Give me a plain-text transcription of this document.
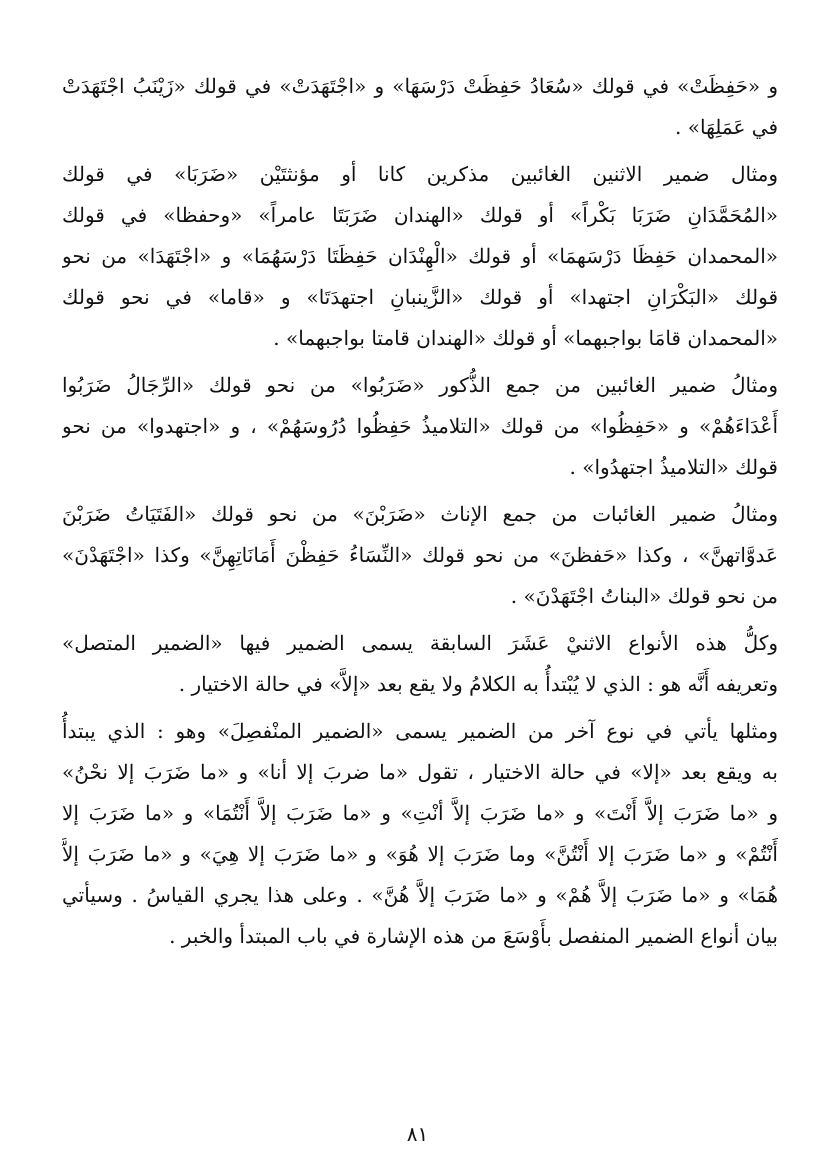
و «حَفِظَتْ» في قولك «سُعَادُ حَفِظَتْ دَرْسَهَا» و «اجْتَهَدَتْ» في قولك «زَيْنَبُ اجْتَهَدَتْ
في عَمَلِهَا» .
ومثال ضمير الاثنين الغائبين مذكرين كانا أو مؤنثتَيْن «ضَرَبَا» في قولك
«المُحَمَّدَانِ ضَرَبَا بَكْراً» أو قولك «الهندان ضَرَبَتَا عامراً» «وحفظا» في قولك
«المحمدان حَفِظَا دَرْسَهمَا» أو قولك «الْهِنْدَان حَفِظَتَا دَرْسَهُمَا» و «اجْتَهَدَا» من نحو
قولك «البَكْرَانِ اجتهدا» أو قولك «الزَّينبانِ اجتهدَتَا» و «قاما» في نحو قولك
«المحمدان قامَا بواجبهما» أو قولك «الهندان قامتا بواجبهما» .
ومثالُ ضمير الغائبين من جمع الذُّكور «ضَرَبُوا» من نحو قولك «الرِّجَالُ ضَرَبُوا
أَعْدَاءَهُمْ» و «حَفِظُوا» من قولك «التلاميذُ حَفِظُوا دُرُوسَهُمْ» ، و «اجتهدوا» من نحو
قولك «التلاميذُ اجتهدُوا» .
ومثالُ ضمير الغائبات من جمع الإناث «ضَرَبْنَ» من نحو قولك «الفَتَيَاتُ ضَرَبْنَ
عَدوَّاتهنَّ» ، وكذا «حَفظنَ» من نحو قولك «النِّسَاءُ حَفِظْنَ أَمَانَاتِهِنَّ» وكذا «اجْتَهَدْنَ»
من نحو قولك «البناتُ اجْتَهَدْنَ» .
وكلُّ هذه الأنواع الاثنيْ عَشَرَ السابقة يسمى الضمير فيها «الضمير المتصل»
وتعريفه أَنَّه هو : الذي لا يُبْتدأُ به الكلامُ ولا يقع بعد «إلاَّ» في حالة الاختيار .
ومثلها يأتي في نوع آخر من الضمير يسمى «الضمير المنْفصِلَ» وهو : الذي يبتدأُ
به ويقع بعد «إلا» في حالة الاختيار ، تقول «ما ضربَ إلا أنا» و «ما ضَرَبَ إلا نحْنُ»
و «ما ضَرَبَ إلاَّ أَنْتَ» و «ما ضَرَبَ إلاَّ أنْتِ» و «ما ضَرَبَ إلاَّ أَنْتُمَا» و «ما ضَرَبَ إلا
أَنْتُمْ» و «ما ضَرَبَ إلا أَنْتُنَّ» وما ضَرَبَ إلا هُوَ» و «ما ضَرَبَ إلا هِيَ» و «ما ضَرَبَ إلاَّ
هُمَا» و «ما ضَرَبَ إلاَّ هُمْ» و «ما ضَرَبَ إلاَّ هُنَّ» . وعلى هذا يجري القياسُ . وسيأتي
بيان أنواع الضمير المنفصل بأَوْسَعَ من هذه الإشارة في باب المبتدأ والخبر .
٨١
